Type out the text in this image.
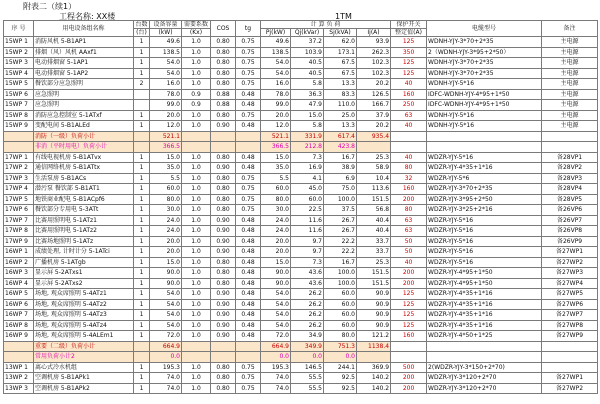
附表二（续1）
工程名称: XX楼	1TM
序 号	用电设备组名称	台数	设备容量	需要系数	COS	tg	计 算 负 荷				保护开关	电缆型号	备注
		(台)	(kW)	(Kx)			Pj(kW)	Qj(kVar)	Sj(kVA)	Ij(A)	整定值(A)		
15WP 1	消防风机 5-B1AP1	1	49.6	1.0	0.80	0.75	49.6	37.2	62.0	93.9	125	WDNH-YJY-3*70+2*35	主电源
15WP 2	排烟（风）风机 AAxf1	1	138.5	1.0	0.80	0.75	138.5	103.9	173.1	262.3	350	2（WDNH-YJY-3*95+2*50）	主电源
15WP 3	电动排烟窗 5-1AP1	1	54.0	1.0	0.80	0.75	54.0	40.5	67.5	102.3	125	WDNH-YJY-3*70+2*35	主电源
15WP 4	电动排烟窗 5-1AP2	1	54.0	1.0	0.80	0.75	54.0	40.5	67.5	102.3	125	WDNH-YJY-3*70+2*35	主电源
15WP 5	餐饮部分应急照明	2	16.0	1.0	0.80	0.75	16.0	5.8	13.3	20.2	40	WDNH-YJY-5*16	主电源
15WP 6	应急照明		78.0	0.9	0.88	0.48	78.0	36.3	83.3	126.5	160	IDFC-WDNH-YJY-4*95+1*50	主电源
15WP 7	应急照明		99.0	0.9	0.88	0.48	99.0	47.9	110.0	166.7	250	IDFC-WDNH-YJY-4*95+1*50	主电源
15WP 8	消防应急控制室 5-1ATxf	1	20.0	1.0	0.80	0.75	20.0	15.0	25.0	37.9	63	WDNH-YJY-5*16	主电源
15WP 9	变配电间 5-B1ALEd	1	12.0	1.0	0.90	0.48	12.0	5.8	13.3	20.2	40	WDNH-YJY-5*16	主电源
	消防（一级）负荷小计		521.1				521.1	331.9	617.4	935.4			
	非消（平时用电）负荷小计		366.5				366.5	212.8	423.8				
17WP 1	有线电视机房 5-B1ATvx	1	15.0	1.0	0.80	0.48	15.0	7.3	16.7	25.3	40	WDZR-YJY-5*16	备28VP1
17WP 2	通信网络机房 5-B1ATtx	1	35.0	1.0	0.90	0.48	35.0	16.9	38.9	58.9	80	WDZR-YJY-4*35+1*16	备28VP2
17WP 3	生活泵房 5-B1ACs	1	5.5	1.0	0.80	0.75	5.5	4.1	6.9	10.4	32	WDZR-YJY-5*6	备28VP3
17WP 4	潜污泵 餐饮部 5-B1AT1	1	60.0	1.0	0.80	0.75	60.0	45.0	75.0	113.6	160	WDZR-YJY-3*70+2*35	备28VP4
17WP 5	地铁商业配电 5-B1ACpf6	1	80.0	1.0	0.80	0.75	80.0	60.0	100.0	151.5	200	WDZR-YJY-3*95+2*50	备28VP5
17WP 6	餐饮部分专用电 5-3ATt	1	30.0	1.0	0.80	0.75	30.0	22.5	37.5	56.8	80	WDZR-YJY-3*25+2*16	备26VP6
17WP 7	比赛用照明电 5-1ATz1	1	24.0	1.0	0.90	0.48	24.0	11.6	26.7	40.4	63	WDZR-YJY-5*16	备26VP7
17WP 8	比赛用照明电 5-1ATz2	1	24.0	1.0	0.90	0.48	24.0	11.6	26.7	40.4	63	WDZR-YJY-5*16	备26VP8
17WP 9	比赛场地照明 5-1ATz	1	20.0	1.0	0.90	0.48	20.0	9.7	22.2	33.7	50	WDZR-YJY-5*16	备26VP9
16WP 1	成绩处理, 计时计分 5-1ATci	1	20.0	1.0	0.90	0.48	20.0	9.7	22.2	33.7	50	WDZR-YJY-5*16	备27WP1
16WP 2	广播机房 5-1ATgb	1	15.0	1.0	0.80	0.48	15.0	7.3	16.7	25.3	40	WDZR-YJY-5*16	备27WP2
16WP 3	显示屏 5-2ATxs1	1	90.0	1.0	0.80	0.48	90.0	43.6	100.0	151.5	200	WDZR-YJY-4*95+1*50	备27WP3
16WP 4	显示屏 5-2ATxs2	1	90.0	1.0	0.80	0.48	90.0	43.6	100.0	151.5	200	WDZR-YJY-4*95+1*50	备27WP4
16WP 5	场地, 观众席照明 5-4ATz1	1	54.0	1.0	0.90	0.48	54.0	26.2	60.0	90.9	125	WDZR-YJY-4*35+1*16	备27WP5
16WP 6	场地, 观众席照明 5-4ATz2	1	54.0	1.0	0.90	0.48	54.0	26.2	60.0	90.9	125	WDZR-YJY-4*35+1*16	备27WP6
16WP 7	场地, 观众席照明 5-4ATz3	1	54.0	1.0	0.90	0.48	54.0	26.2	60.0	90.9	125	WDZR-YJY-4*35+1*16	备27WP7
16WP 8	场地, 观众席照明 5-4ATz4	1	54.0	1.0	0.90	0.48	54.0	26.2	60.0	90.9	125	WDZR-YJY-4*35+1*16	备27WP8
16WP 9	场地, 观众席照明 5-4ALEm1	1	72.0	1.0	0.90	0.48	72.0	34.9	80.0	121.2	160	WDZR-YJY-4*50+1*25	备27WP9
	重要（二级）负荷小计		664.9				664.9	349.9	751.3	1138.4			
	常用负荷小计2		0.0				0.0	0.0	0.0				
13WP 1	离心式冷水机组	1	195.3	1.0	0.80	0.75	195.3	146.5	244.1	369.9	500	2(WDZR-YJY-3*150+2*70)	
13WP 2	空调机房 5-B1APk1	1	74.0	1.0	0.80	0.75	74.0	55.5	92.5	140.2	200	WDZR-YJY-3*120+2*70	备27WP1
13WP 3	空调机房 5-B1APk2	1	74.0	1.0	0.80	0.75	74.0	55.5	92.5	140.2	200	WDZR-YJY-3*120+2*70	备27WP2
